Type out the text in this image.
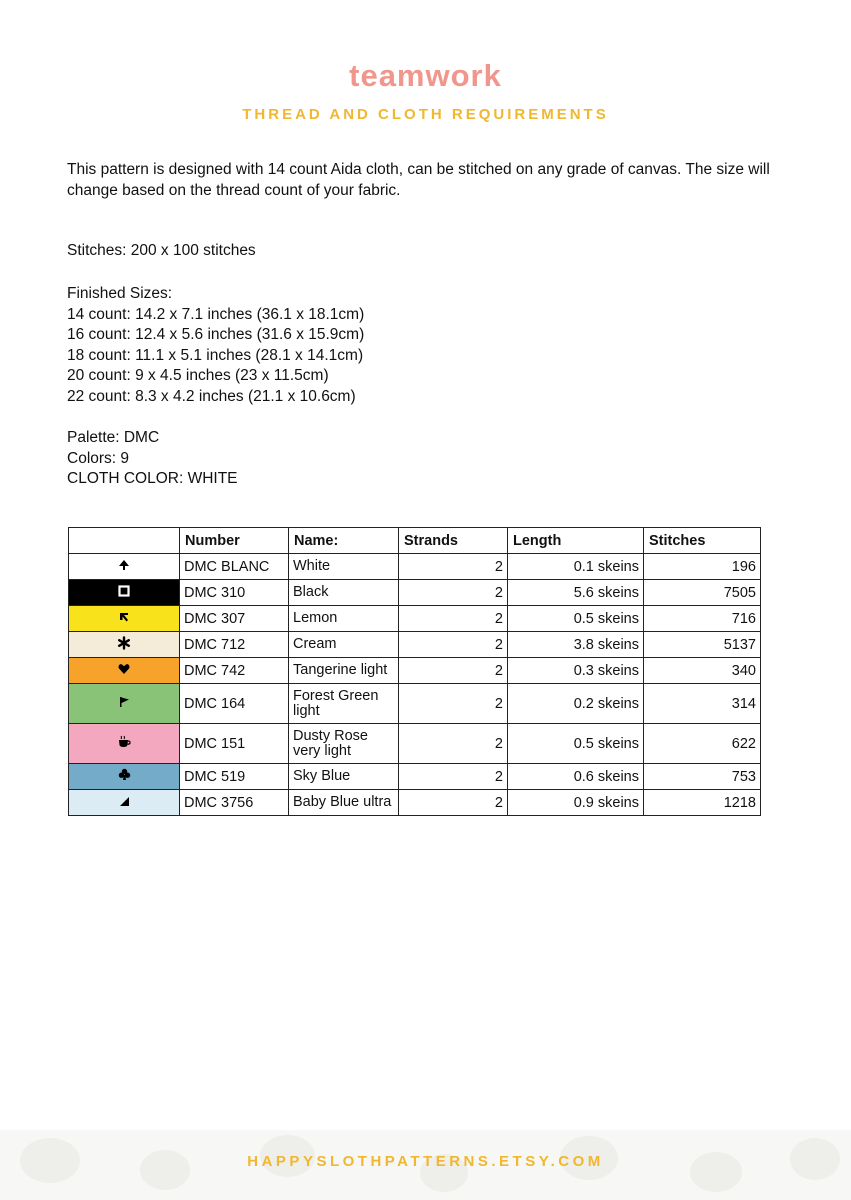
teamwork
THREAD AND CLOTH REQUIREMENTS
This pattern is designed with 14 count Aida cloth, can be stitched on any grade of canvas. The size will change based on the thread count of your fabric.
Stitches: 200 x 100 stitches
Finished Sizes:
14 count: 14.2 x 7.1 inches (36.1 x 18.1cm)
16 count: 12.4 x 5.6 inches (31.6 x 15.9cm)
18 count: 11.1 x 5.1 inches (28.1 x 14.1cm)
20 count: 9 x 4.5 inches (23 x 11.5cm)
22 count: 8.3 x 4.2 inches (21.1 x 10.6cm)
Palette: DMC
Colors: 9
CLOTH COLOR: WHITE
	Number	Name:	Strands	Length	Stitches
	DMC BLANC	White	2	0.1 skeins	196
	DMC 310	Black	2	5.6 skeins	7505
	DMC 307	Lemon	2	0.5 skeins	716
	DMC 712	Cream	2	3.8 skeins	5137
	DMC 742	Tangerine light	2	0.3 skeins	340
	DMC 164	Forest Green light	2	0.2 skeins	314
	DMC 151	Dusty Rose very light	2	0.5 skeins	622
	DMC 519	Sky Blue	2	0.6 skeins	753
	DMC 3756	Baby Blue ultra	2	0.9 skeins	1218
HAPPYSLOTHPATTERNS.ETSY.COM
